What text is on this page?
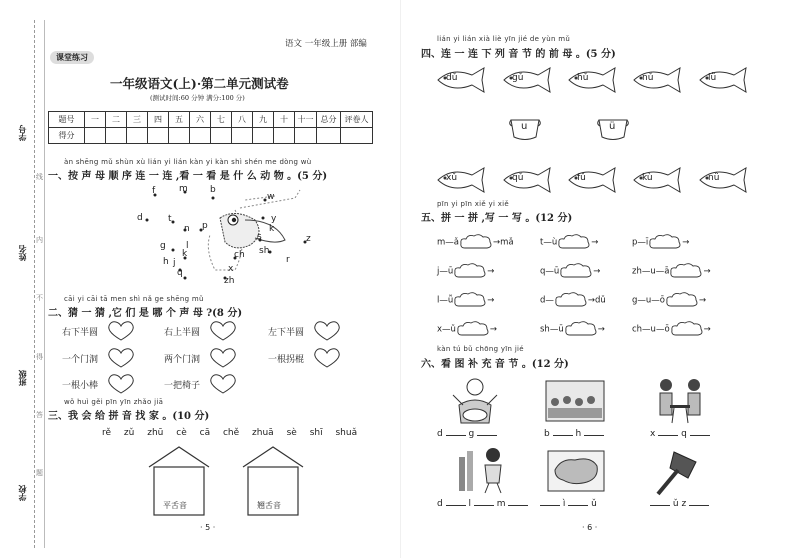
学号
姓名
班级
学校
线
内
不
得
答
题
语文 一年级上册 部编
课堂练习
一年级语文(上)·第二单元测试卷
(测试时间:60 分钟 满分:100 分)
题号	一	二	三	四	五	六	七	八	九	十	十一	总分	评卷人
得分													
àn shēng mǔ shùn xù lián yi lián kàn yi kàn shì shén me dòng wù
一、按 声 母 顺 序 连 一 连 ,看 一 看 是 什 么 动 物 。(5 分)
f	m b
w
d	t
n p
y
k
s
l
g
z
k	sh
ch
h j	r
q	x
zh
cāi yi cāi tā men shì nǎ ge shēng mǔ
二、猜 一 猜 ,它 们 是 哪 个 声 母 ?(8 分)
右下半圆	右上半圆	左下半圆
一个门洞	两个门洞	一根拐棍
一根小棒	一把椅子
wǒ huì gěi pīn yīn zhǎo jiā
三、我 会 给 拼 音 找 家 。(10 分)
rě zǔ zhū cè cā chě zhuā sè shī shuǎ
平舌音	翘舌音
· 5 ·
lián yi lián xià liè yīn jié de yùn mǔ
四、连 一 连 下 列 音 节 的 前 母 。(5 分)
dǔ	gǔ	hǔ	nǔ	lǜ
u	ü
xǔ	qǔ	fǔ	kù	nǜ
pīn yi pīn xiě yi xiě
五、拼 一 拼 ,写 一 写 。(12 分)
m—ǎ	→mǎ	t—ù	→	p—ī	→
j—ū	→	q—ū	→	zh—u—ā	→
l—ǚ	→	d—	→dǔ	g—u—ō	→
x—ǔ	→	sh—ū	→	ch—u—ō	→
kàn tú bǔ chōng yīn jié
六、看 图 补 充 音 节 。(12 分)
d	g	b	h	x	q
d	l	m	ì	ǔ	ǔ z
· 6 ·
